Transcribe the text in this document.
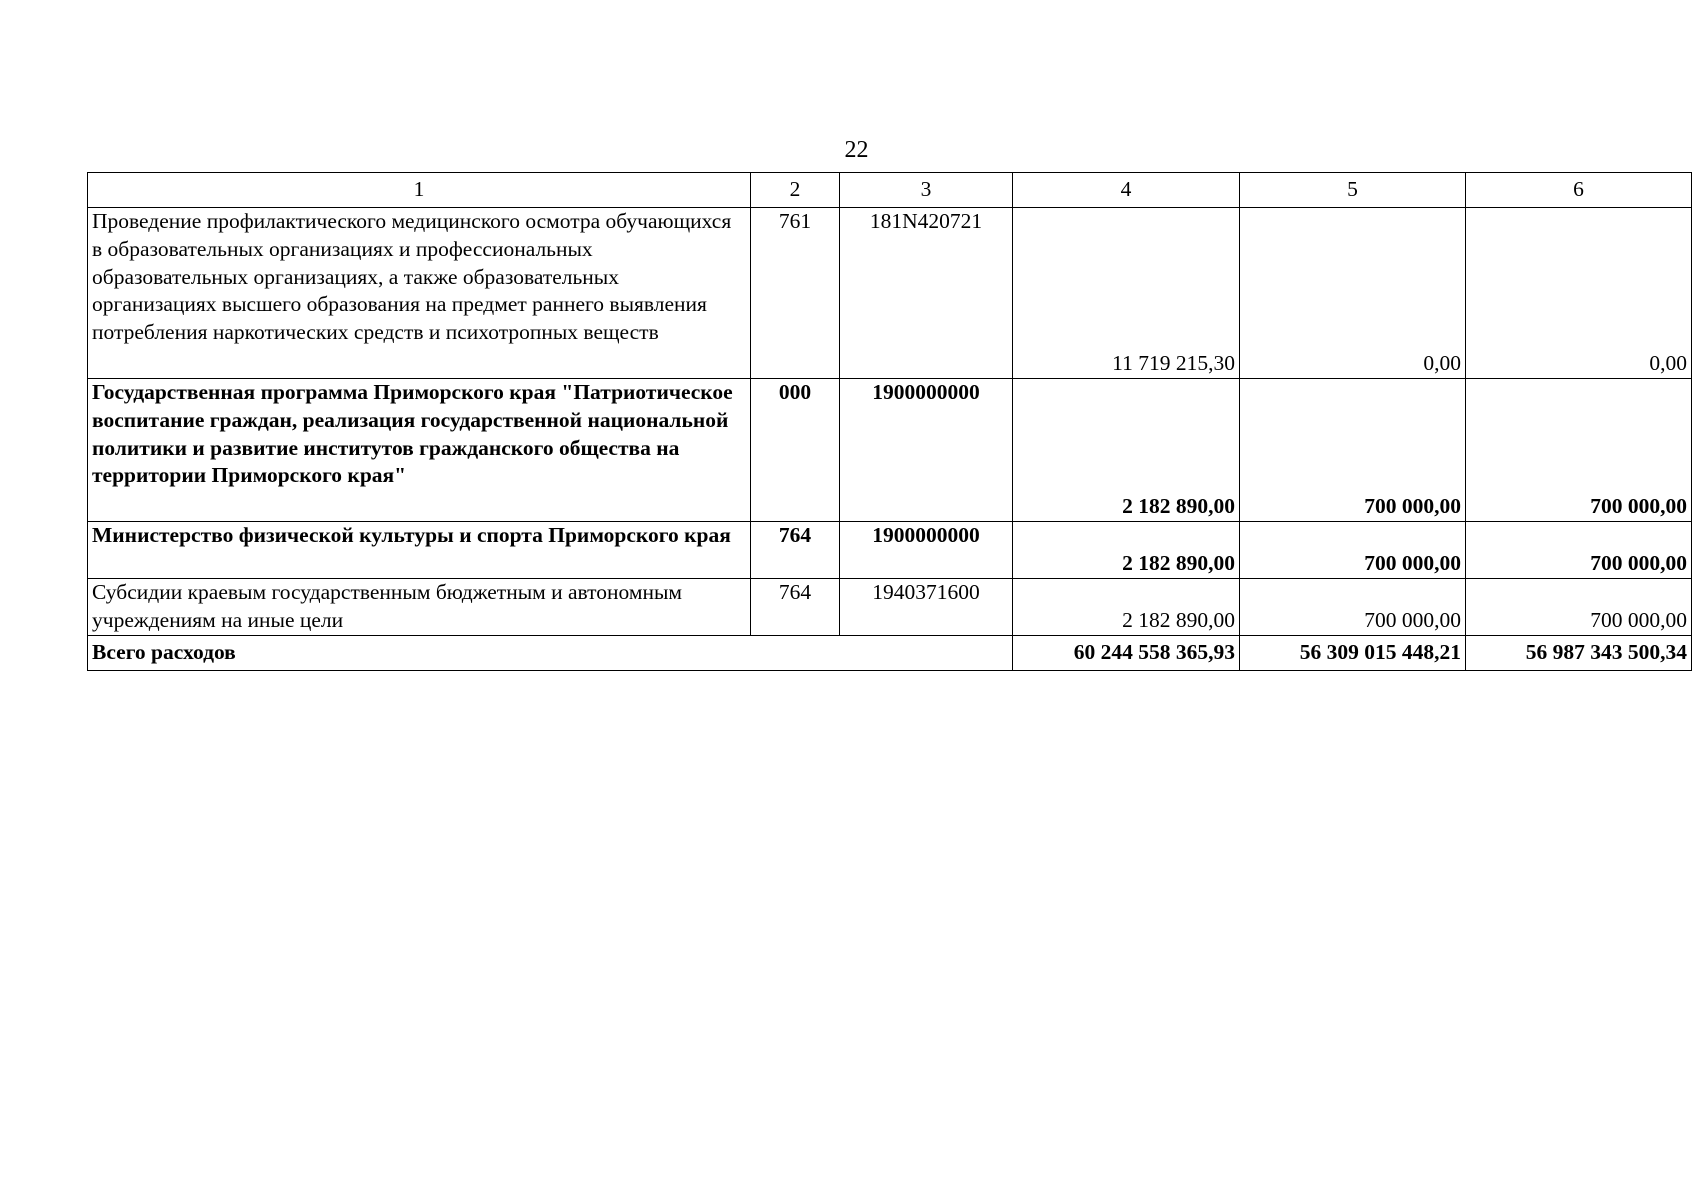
22
1	2	3	4	5	6
Проведение профилактического медицинского осмотра обучающихся в образовательных организациях и профессиональных образовательных организациях, а также образовательных организациях высшего образования на предмет раннего выявления потребления наркотических средств и психотропных веществ	761	181N420721	11 719 215,30	0,00	0,00
Государственная программа Приморского края "Патриотическое воспитание граждан, реализация государственной национальной политики и развитие институтов гражданского общества на территории Приморского края"	000	1900000000	2 182 890,00	700 000,00	700 000,00
Министерство физической культуры и спорта Приморского края	764	1900000000	2 182 890,00	700 000,00	700 000,00
Субсидии краевым государственным бюджетным и автономным учреждениям на иные цели	764	1940371600	2 182 890,00	700 000,00	700 000,00
Всего расходов			60 244 558 365,93	56 309 015 448,21	56 987 343 500,34
